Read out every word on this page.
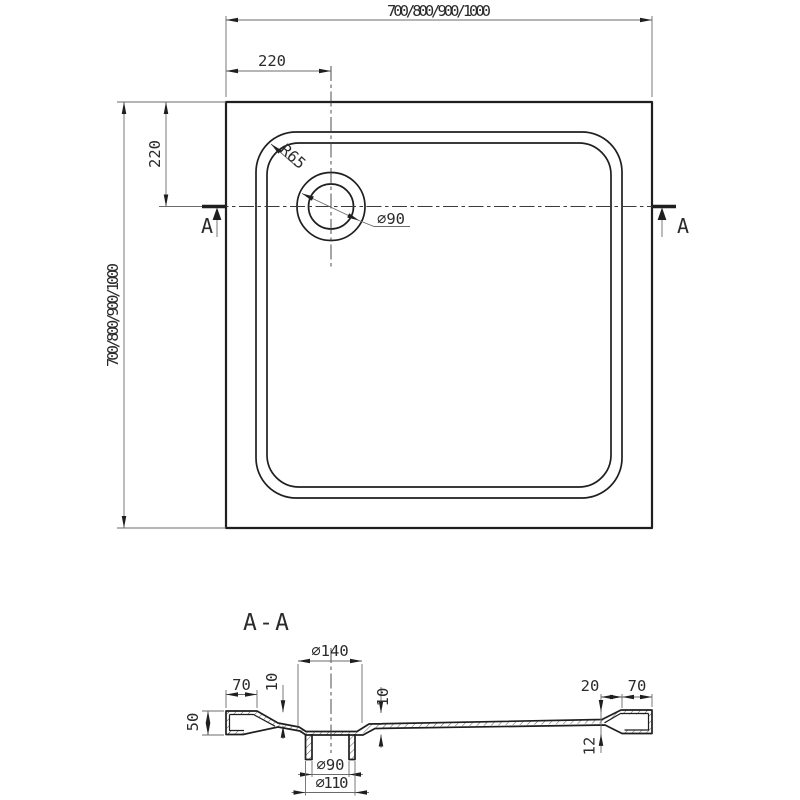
A	A
700/800/900/1000
220
700/800/900/1000
220	R65
⌀90
A - A
⌀140
70 10
10
50
20 70
12
⌀90
⌀110
